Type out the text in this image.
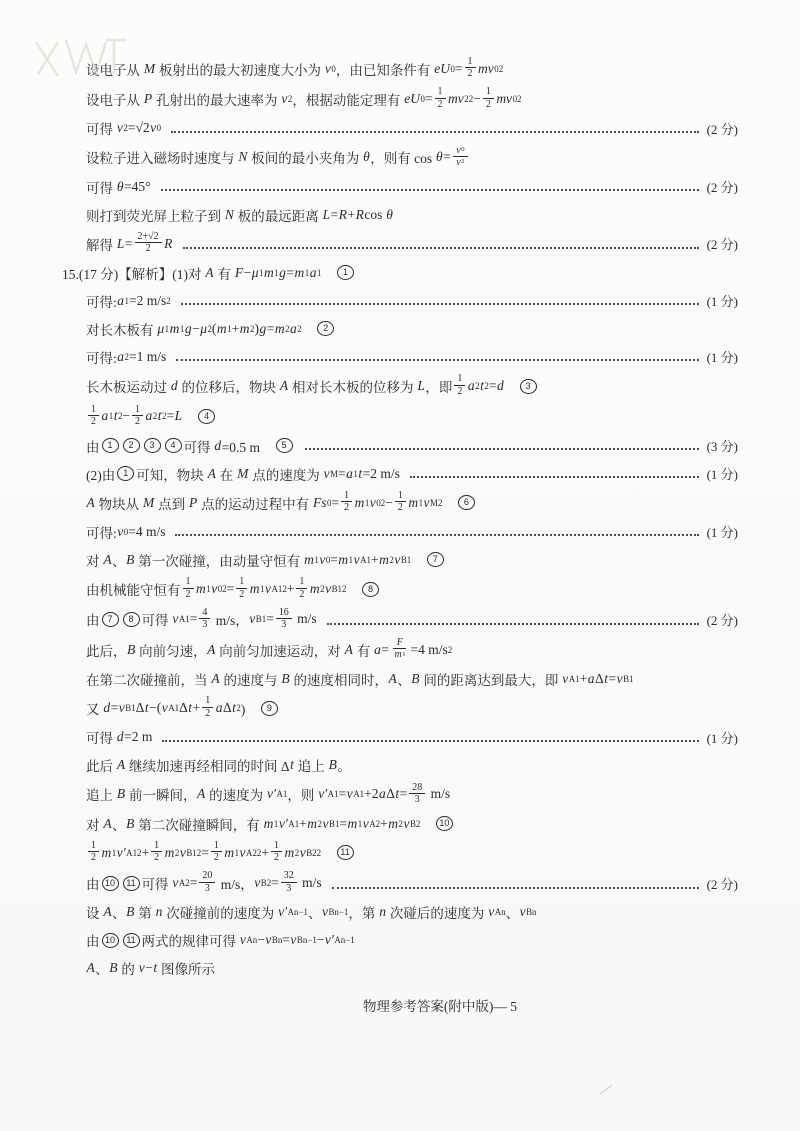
设电子从 M 板射出的最大初速度大小为 v 0 ，由已知条件有 eU $0 = \frac{1}{2}$ mv 0 2
设电子从 P 孔射出的最大速率为 v 2 ，根据动能定理有 eU $0 = \frac{1}{2}$ mv 2 $2 - \frac{1}{2}$ mv 0 2
可得 v 2 =√2 v 0	(2 分)
设粒子进入磁场时速度与 N 板间的最小夹角为 θ ，则有 $\cos \theta = \frac{v 0}{v 2}$
可得 θ =45°	(2 分)
则打到荧光屏上粒子到 N 板的最远距离 L = R + R cos θ
解得 $L = \frac{2+√2}{2}$ R	(2 分)
15.(17 分)【解析】(1)对 A 有 F − μ 1 m 1 g = m 1 a 1
　	1
可得: a 1 =2 m/s 2	(1 分)
对长木板有 μ 1 m 1 g − μ 2 ( m 1 + m 2 ) g = m 2 a 2
　	2
可得: a 2 =1 m/s	(1 分)
长木板运动过 d 的位移后，物块 A 相对长木板的位移为 L ，即 $\frac{1}{2}$ a 2 t 2 = d
　	3
$\frac{1}{2}$ a 1 t $2 - \frac{1}{2}$ a 2 t 2 = L
　	4
由 1	2	3	4 可得 d =0.5 m　 5	(3 分)
(2)由 1 可知，物块 A 在 M 点的速度为 v M = a 1 t =2 m/s	(1 分)
A 物块从 M 点到 P 点的运动过程中有 Fs $0 = \frac{1}{2}$ m 1 v 0 $2 - \frac{1}{2}$ m 1 v M 2
　	6
可得: v 0 =4 m/s	(1 分)
对 A 、 B 第一次碰撞，由动量守恒有 m 1 v 0 = m 1 v A1 + m 2 v B1
　	7
由机械能守恒有 $\frac{1}{2}$ m 1 v 0 $2 = \frac{1}{2}$ m 1 v A1 $2 + \frac{1}{2}$ m 2 v B1 2
　	8
由 7	8 可得 v $A1 = \frac{4}{3} m/s$， v $B1 = \frac{16}{3} m/s$	(2 分)
此后， B 向前匀速， A 向前匀加速运动，对 A 有 $a = \frac{F}{m 1} =4$ m/s 2
在第二次碰撞前，当 A 的速度与 B 的速度相同时， A 、 B 间的距离达到最大，即 v A1 + a Δ t = v B1
又 d = v B1 Δ t −( v A1 Δ $t + \frac{1}{2}$ a Δ t 2 )　 9
可得 d =2 m	(1 分)
此后 A 继续加速再经相同的时间 Δ t 追上 B 。
追上 B 前一瞬间， A 的速度为 v′ A1 ，则 v′ A1 = v A1 +2 a Δ $t = \frac{28}{3} m/s$
对 A 、 B 第二次碰撞瞬间，有 m 1 v′ A1 + m 2 v B1 = m 1 v A2 + m 2 v B2
　	10
$\frac{1}{2}$ m 1 v′ A1 $2 + \frac{1}{2}$ m 2 v B1 $2 = \frac{1}{2}$ m 1 v A2 $2 + \frac{1}{2}$ m 2 v B2 2
　	11
由 10	11 可得 v $A2 = \frac{20}{3} m/s$， v $B2 = \frac{32}{3} m/s$	(2 分)
设 A 、 B 第 n 次碰撞前的速度为 v′ An−1 、 v Bn−1 ，第 n 次碰后的速度为 v An 、 v Bn
由 10	11 两式的规律可得 v An − v Bn = v Bn−1 − v′ An−1
A 、 B 的 v − t 图像所示
物理参考答案(附中版)— 5
